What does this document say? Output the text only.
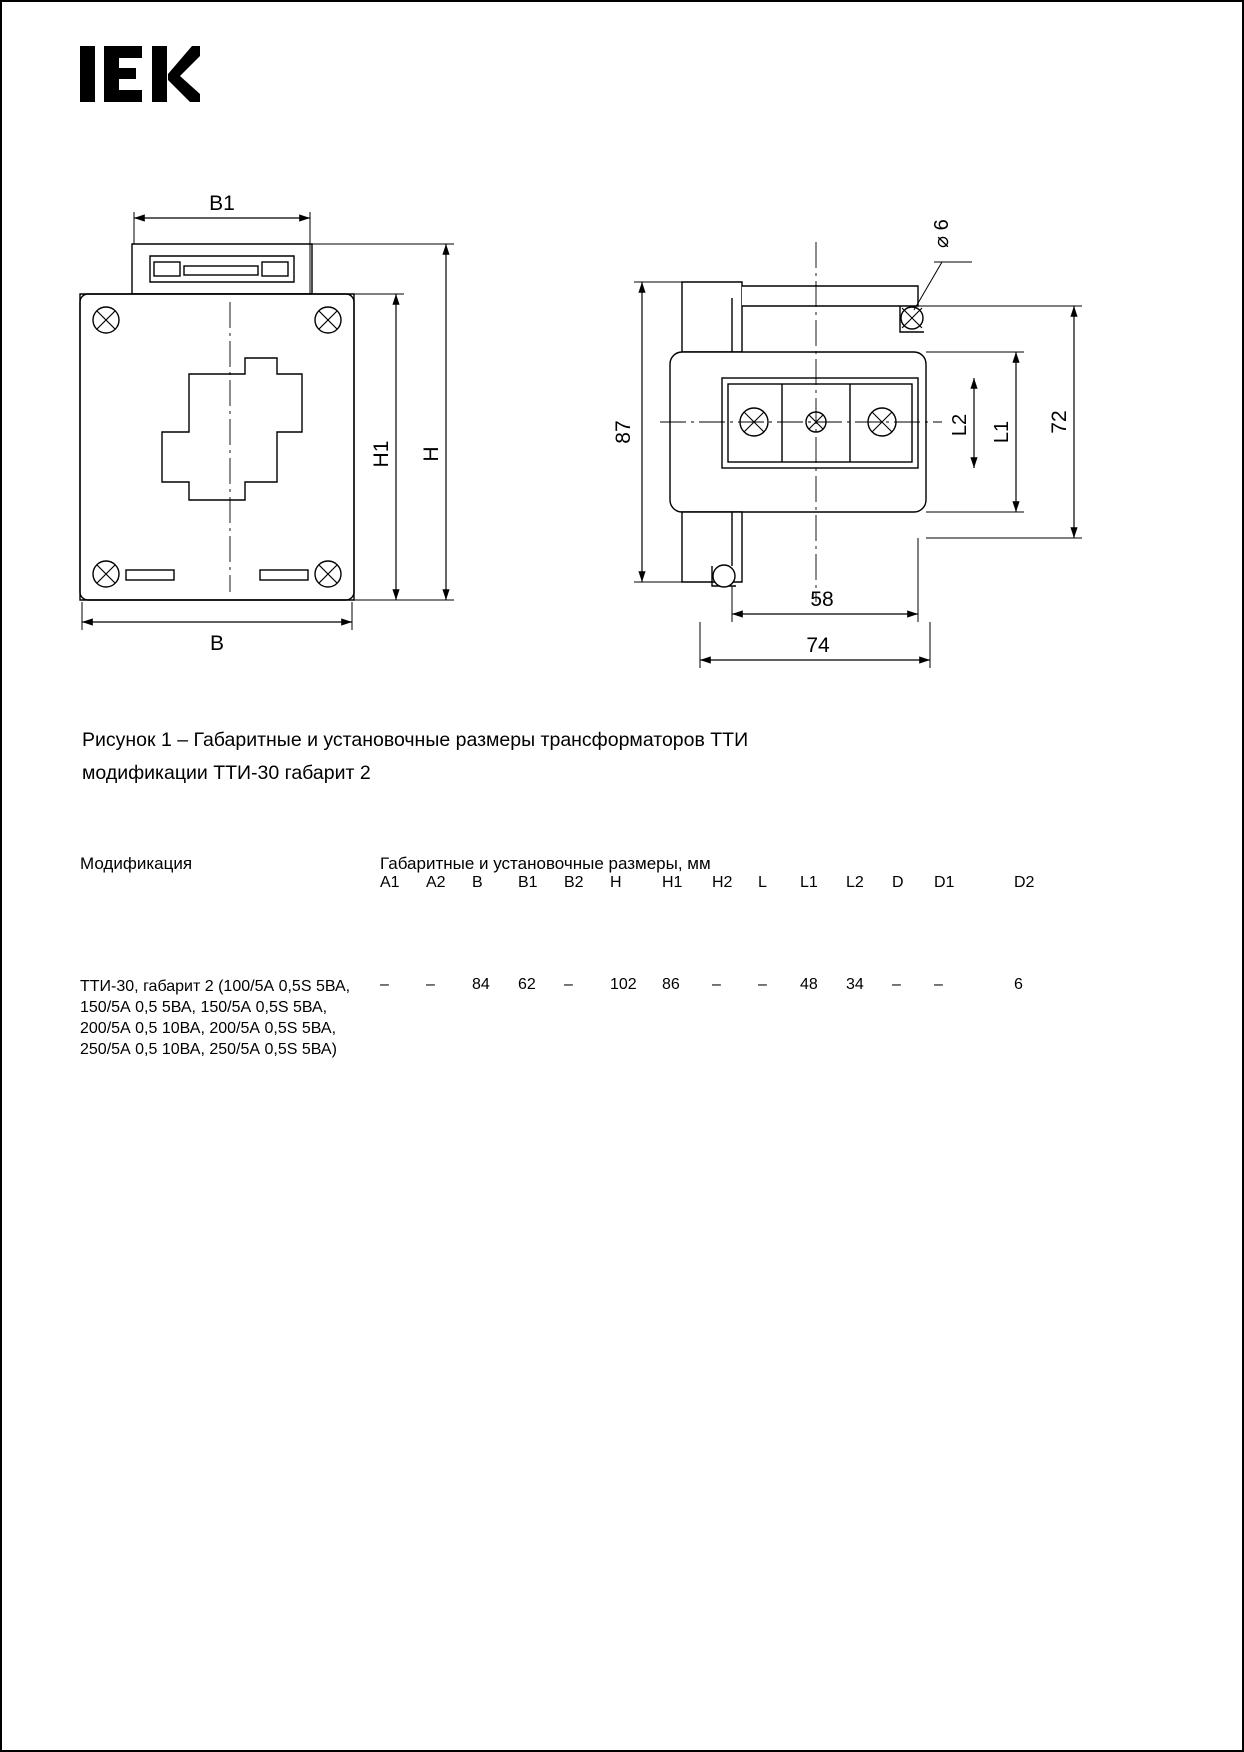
B1
B
H1 H
⌀ 6
87	L2 L1 72
58
74
Рисунок 1 – Габаритные и установочные размеры трансформаторов ТТИ
модификации ТТИ-30 габарит 2
Модификация	Габаритные и установочные размеры, мм													
	A1	A2	B	B1	B2	H	H1	H2	L	L1	L2	D	D1	D2

ТТИ-30, габарит 2 (100/5А 0,5S 5ВА,
150/5А 0,5 5ВА, 150/5А 0,5S 5ВА,
200/5А 0,5 10ВА, 200/5А 0,5S 5ВА,
250/5А 0,5 10ВА, 250/5А 0,5S 5ВА)	–	–	84	62	–	102	86	–	–	48	34	–	–	6
